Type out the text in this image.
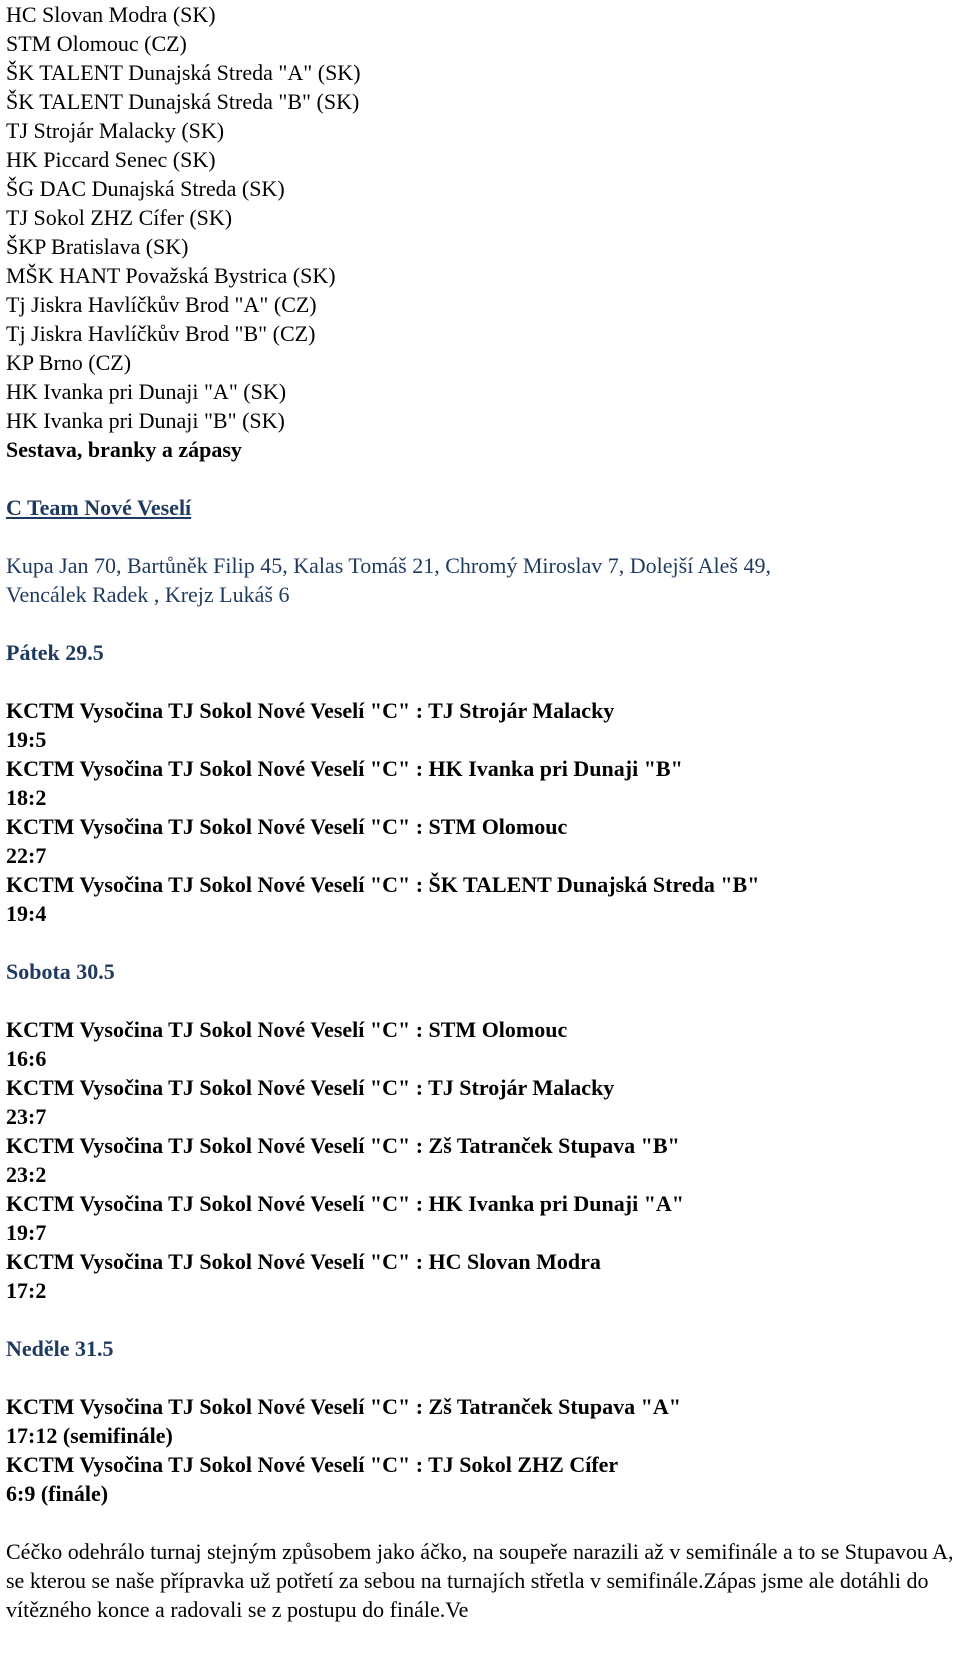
HC Slovan Modra (SK)
STM Olomouc (CZ)
ŠK TALENT Dunajská Streda "A" (SK)
ŠK TALENT Dunajská Streda "B" (SK)
TJ Strojár Malacky (SK)
HK Piccard Senec (SK)
ŠG DAC Dunajská Streda (SK)
TJ Sokol ZHZ Cífer (SK)
ŠKP Bratislava (SK)
MŠK HANT Považská Bystrica (SK)
Tj Jiskra Havlíčkův Brod "A" (CZ)
Tj Jiskra Havlíčkův Brod "B" (CZ)
KP Brno (CZ)
HK Ivanka pri Dunaji "A" (SK)
HK Ivanka pri Dunaji "B" (SK)
Sestava, branky a zápasy
C Team Nové Veselí
Kupa Jan 70, Bartůněk Filip 45, Kalas Tomáš 21, Chromý Miroslav 7, Dolejší Aleš 49,
Vencálek Radek , Krejz Lukáš 6
Pátek 29.5
KCTM Vysočina TJ Sokol Nové Veselí "C" : TJ Strojár Malacky
19:5
KCTM Vysočina TJ Sokol Nové Veselí "C" : HK Ivanka pri Dunaji "B"
18:2
KCTM Vysočina TJ Sokol Nové Veselí "C" : STM Olomouc
22:7
KCTM Vysočina TJ Sokol Nové Veselí "C" : ŠK TALENT Dunajská Streda "B"
19:4
Sobota 30.5
KCTM Vysočina TJ Sokol Nové Veselí "C" : STM Olomouc
16:6
KCTM Vysočina TJ Sokol Nové Veselí "C" : TJ Strojár Malacky
23:7
KCTM Vysočina TJ Sokol Nové Veselí "C" : Zš Tatranček Stupava "B"
23:2
KCTM Vysočina TJ Sokol Nové Veselí "C" : HK Ivanka pri Dunaji "A"
19:7
KCTM Vysočina TJ Sokol Nové Veselí "C" : HC Slovan Modra
17:2
Neděle 31.5
KCTM Vysočina TJ Sokol Nové Veselí "C" : Zš Tatranček Stupava "A"
17:12 (semifinále)
KCTM Vysočina TJ Sokol Nové Veselí "C" : TJ Sokol ZHZ Cífer
6:9 (finále)
Céčko odehrálo turnaj stejným způsobem jako áčko, na soupeře narazili až v semifinále a to se Stupavou A, se kterou se naše přípravka už potřetí za sebou na turnajích střetla v semifinále.Zápas jsme ale dotáhli do vítězného konce a radovali se z postupu do finále.Ve
